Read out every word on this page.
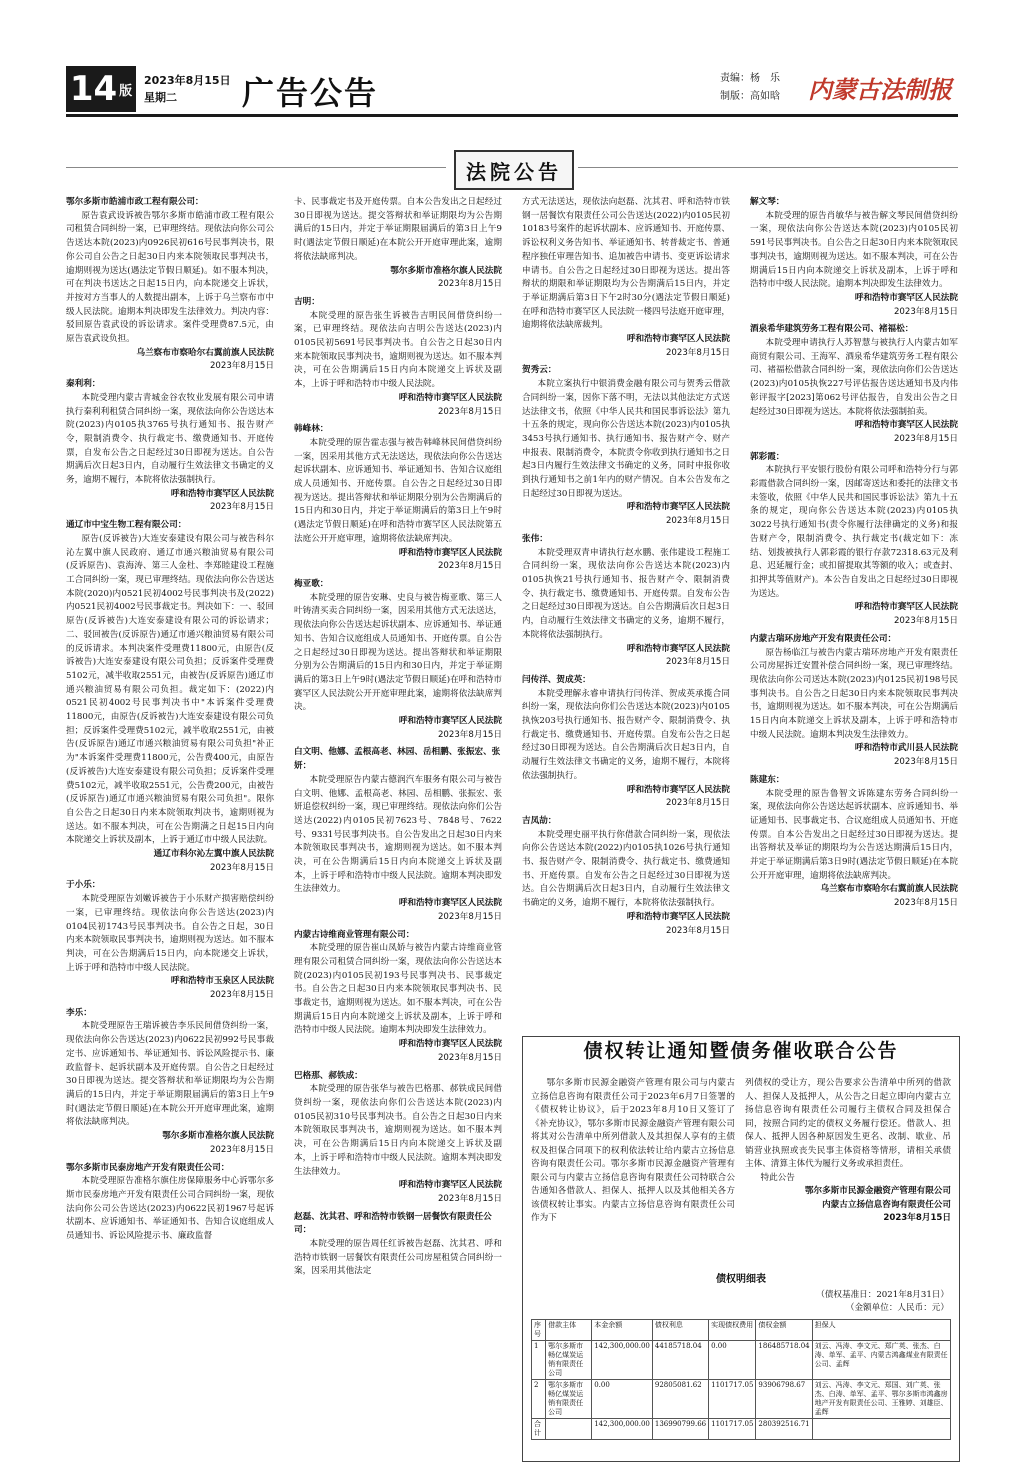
14 版
2023年8月15日
星期二	广告公告	责编：杨　乐
制版：高如晗 内蒙古法制报
法院公告
鄂尔多斯市皓浦市政工程有限公司：
原告袁武设诉被告鄂尔多斯市皓浦市政工程有限公司租赁合同纠纷一案，已审理终结。现依法向你公司公告送达本院(2023)内0926民初616号民事判决书，限你公司自公告之日起30日内来本院领取民事判决书，逾期则视为送达(遇法定节假日顺延)。如不服本判决，可在判决书送达之日起15日内，向本院递交上诉状，并按对方当事人的人数提出副本，上诉于乌兰察布市中级人民法院。逾期本判决即发生法律效力。判决内容：驳回原告袁武设的诉讼请求。案件受理费87.5元，由原告袁武设负担。
乌兰察布市察哈尔右翼前旗人民法院
2023年8月15日
秦利利：
本院受理内蒙古青城金谷农牧业发展有限公司申请执行秦利利租赁合同纠纷一案，现依法向你公告送达本院(2023)内0105执3765号执行通知书、报告财产令，限制消费令、执行裁定书、缴费通知书、开庭传票，自发布公告之日起经过30日即视为送达。自公告期满后次日起3日内，自动履行生效法律文书确定的义务，逾期不履行，本院将依法强制执行。
呼和浩特市赛罕区人民法院
2023年8月15日
通辽市中宝生物工程有限公司：
原告(反诉被告)大连安泰建设有限公司与被告科尔沁左翼中旗人民政府、通辽市通兴粮油贸易有限公司(反诉原告)、袁海涛、第三人金杜、李郑睦建设工程施工合同纠纷一案，现已审理终结。现依法向你公告送达本院(2020)内0521民初4002号民事判决书及(2022)内0521民初4002号民事裁定书。判决如下：一、驳回原告(反诉被告)大连安泰建设有限公司的诉讼请求；二、驳回被告(反诉原告)通辽市通兴粮油贸易有限公司的反诉请求。本判决案件受理费11800元，由原告(反诉被告)大连安泰建设有限公司负担；反诉案件受理费5102元，减半收取2551元，由被告(反诉原告)通辽市通兴粮油贸易有限公司负担。裁定如下：(2022)内0521民初4002号民事判决书中"本诉案件受理费11800元，由原告(反诉被告)大连安泰建设有限公司负担；反诉案件受理费5102元，减半收取2551元，由被告(反诉原告)通辽市通兴粮油贸易有限公司负担"补正为"本诉案件受理费11800元，公告费400元，由原告(反诉被告)大连安泰建设有限公司负担；反诉案件受理费5102元，减半收取2551元，公告费200元，由被告(反诉原告)通辽市通兴粮油贸易有限公司负担"。限你自公告之日起30日内来本院领取判决书，逾期则视为送达。如不服本判决，可在公告期满之日起15日内向本院递交上诉状及副本，上诉于通辽市中级人民法院。
通辽市科尔沁左翼中旗人民法院
2023年8月15日
于小乐：
本院受理原告刘嫩诉被告于小乐财产损害赔偿纠纷一案，已审理终结。现依法向你公告送达(2023)内0104民初1743号民事判决书。自公告之日起，30日内来本院领取民事判决书，逾期则视为送达。如不服本判决，可在公告期满后15日内，向本院递交上诉状，上诉于呼和浩特市中级人民法院。
呼和浩特市玉泉区人民法院
2023年8月15日
李乐：
本院受理原告王瑞诉被告李乐民间借贷纠纷一案，现依法向你公告送达(2023)内0622民初992号民事裁定书、应诉通知书、举证通知书、诉讼风险提示书、廉政监督卡、起诉状副本及开庭传票。自公告之日起经过30日即视为送达。提交答辩状和举证期限均为公告期满后的15日内，并定于举证期限届满后的第3日上午9时(遇法定节假日顺延)在本院公开开庭审理此案，逾期将依法缺席判决。
鄂尔多斯市准格尔旗人民法院
2023年8月15日
鄂尔多斯市民泰房地产开发有限责任公司：
本院受理原告准格尔旗住房保障服务中心诉鄂尔多斯市民泰房地产开发有限责任公司合同纠纷一案，现依法向你公司公告送达(2023)内0622民初1967号起诉状副本、应诉通知书、举证通知书、告知合议庭组成人员通知书、诉讼风险提示书、廉政监督
卡、民事裁定书及开庭传票。自本公告发出之日起经过30日即视为送达。提交答辩状和举证期限均为公告期满后的15日内，并定于举证期限届满后的第3日上午9时(遇法定节假日顺延)在本院公开开庭审理此案，逾期将依法缺席判决。
鄂尔多斯市准格尔旗人民法院
2023年8月15日
吉明：
本院受理的原告张生诉被告吉明民间借贷纠纷一案，已审理终结。现依法向吉明公告送达(2023)内0105民初5691号民事判决书。自公告之日起30日内来本院领取民事判决书，逾期则视为送达。如不服本判决，可在公告期满后15日内向本院递交上诉状及副本，上诉于呼和浩特市中级人民法院。
呼和浩特市赛罕区人民法院
2023年8月15日
韩峰林：
本院受理的原告霍志强与被告韩峰林民间借贷纠纷一案，因采用其他方式无法送达，现依法向你公告送达起诉状副本、应诉通知书、举证通知书、告知合议庭组成人员通知书、开庭传票。自公告之日起经过30日即视为送达。提出答辩状和举证期限分别为公告期满后的15日内和30日内，并定于举证期满后的第3日上午9时(遇法定节假日顺延)在呼和浩特市赛罕区人民法院第五法庭公开开庭审理，逾期将依法缺席判决。
呼和浩特市赛罕区人民法院
2023年8月15日
梅亚歌：
本院受理的原告安琳、史良与被告梅亚歌、第三人叶铸清买卖合同纠纷一案，因采用其他方式无法送达，现依法向你公告送达起诉状副本、应诉通知书、举证通知书、告知合议庭组成人员通知书、开庭传票。自公告之日起经过30日即视为送达。提出答辩状和举证期限分别为公告期满后的15日内和30日内，并定于举证期满后的第3日上午9时(遇法定节假日顺延)在呼和浩特市赛罕区人民法院公开开庭审理此案，逾期将依法缺席判决。
呼和浩特市赛罕区人民法院
2023年8月15日
白文明、他娜、孟根高老、林园、岳相鹏、张振宏、张妍：
本院受理原告内蒙古德润汽车服务有限公司与被告白文明、他娜、孟根高老、林园、岳相鹏、张振宏、张妍追偿权纠纷一案，现已审理终结。现依法向你们公告送达(2022)内0105民初7623号、7848号、7622号、9331号民事判决书。自公告发出之日起30日内来本院领取民事判决书，逾期则视为送达。如不服本判决，可在公告期满后15日内向本院递交上诉状及副本，上诉于呼和浩特市中级人民法院。逾期本判决即发生法律效力。
呼和浩特市赛罕区人民法院
2023年8月15日
内蒙古诗维商业管理有限公司：
本院受理的原告崔山凤娇与被告内蒙古诗维商业管理有限公司租赁合同纠纷一案，现依法向你公告送达本院(2023)内0105民初193号民事判决书、民事裁定书。自公告之日起30日内来本院领取民事判决书、民事裁定书，逾期则视为送达。如不服本判决，可在公告期满后15日内向本院递交上诉状及副本，上诉于呼和浩特市中级人民法院。逾期本判决即发生法律效力。
呼和浩特市赛罕区人民法院
2023年8月15日
巴格那、郝铁成：
本院受理的原告张华与被告巴格那、郝铁成民间借贷纠纷一案，现依法向你们公告送达本院(2023)内0105民初310号民事判决书。自公告之日起30日内来本院领取民事判决书，逾期则视为送达。如不服本判决，可在公告期满后15日内向本院递交上诉状及副本，上诉于呼和浩特市中级人民法院。逾期本判决即发生法律效力。
呼和浩特市赛罕区人民法院
2023年8月15日
赵磊、沈其君、呼和浩特市铁钢一居餐饮有限责任公司：
本院受理的原告周任红诉被告赵磊、沈其君、呼和浩特市铁钢一居餐饮有限责任公司房屋租赁合同纠纷一案，因采用其他法定
方式无法送达，现依法向赵磊、沈其君、呼和浩特市铁钢一居餐饮有限责任公司公告送达(2022)内0105民初10183号案件的起诉状副本、应诉通知书、开庭传票、诉讼权利义务告知书、举证通知书、转普裁定书、普通程序独任审理告知书、追加被告申请书、变更诉讼请求申请书。自公告之日起经过30日即视为送达。提出答辩状的期限和举证期限均为公告期满后15日内，并定于举证期满后第3日下午2时30分(遇法定节假日顺延)在呼和浩特市赛罕区人民法院一楼四号法庭开庭审理，逾期将依法缺席裁判。
呼和浩特市赛罕区人民法院
2023年8月15日
贺秀云：
本院立案执行中银消费金融有限公司与贺秀云借款合同纠纷一案，因你下落不明，无法以其他法定方式送达法律文书，依照《中华人民共和国民事诉讼法》第九十五条的规定，现向你公告送达本院(2023)内0105执3453号执行通知书、执行通知书、报告财产令、财产申报表、限制消费令，本院责令你收到执行通知书之日起3日内履行生效法律文书确定的义务，同时申报你收到执行通知书之前1年内的财产情况。自本公告发布之日起经过30日即视为送达。
呼和浩特市赛罕区人民法院
2023年8月15日
张伟：
本院受理双青申请执行赵水鹏、张伟建设工程施工合同纠纷一案，现依法向你公告送达本院(2023)内0105执恢21号执行通知书、报告财产令、限制消费令、执行裁定书、缴费通知书、开庭传票。自发布公告之日起经过30日即视为送达。自公告期满后次日起3日内，自动履行生效法律文书确定的义务，逾期不履行，本院将依法强制执行。
呼和浩特市赛罕区人民法院
2023年8月15日
闫传洋、贺成英：
本院受理解永睿申请执行闫传洋、贺成英承揽合同纠纷一案，现依法向你们公告送达本院(2023)内0105执恢203号执行通知书、报告财产令、限制消费令、执行裁定书、缴费通知书、开庭传票。自发布公告之日起经过30日即视为送达。自公告期满后次日起3日内，自动履行生效法律文书确定的义务，逾期不履行，本院将依法强制执行。
呼和浩特市赛罕区人民法院
2023年8月15日
吉凤劼：
本院受理史丽平执行你借款合同纠纷一案，现依法向你公告送达本院(2022)内0105执1026号执行通知书、报告财产令、限制消费令、执行裁定书、缴费通知书、开庭传票。自发布公告之日起经过30日即视为送达。自公告期满后次日起3日内，自动履行生效法律文书确定的义务，逾期不履行，本院将依法强制执行。
呼和浩特市赛罕区人民法院
2023年8月15日
解文琴：
本院受理的原告肖敏华与被告解文琴民间借贷纠纷一案，现依法向你公告送达本院(2023)内0105民初591号民事判决书。自公告之日起30日内来本院领取民事判决书，逾期则视为送达。如不服本判决，可在公告期满后15日内向本院递交上诉状及副本，上诉于呼和浩特市中级人民法院。逾期本判决即发生法律效力。
呼和浩特市赛罕区人民法院
2023年8月15日
酒泉希华建筑劳务工程有限公司、褚福松：
本院受理申请执行人苏智慧与被执行人内蒙古如军商贸有限公司、王海军、酒泉希华建筑劳务工程有限公司、褚福松借款合同纠纷一案，现依法向你们公告送达(2023)内0105执恢227号评估报告送达通知书及内伟彰评报字[2023]第062号评估报告，自发出公告之日起经过30日即视为送达。本院将依法强制拍卖。
呼和浩特市赛罕区人民法院
2023年8月15日
郭彩霞：
本院执行平安银行股份有限公司呼和浩特分行与郭彩霞借款合同纠纷一案，因邮寄送达和委托的法律文书未签收，依照《中华人民共和国民事诉讼法》第九十五条的规定，现向你公告送达本院(2023)内0105执3022号执行通知书(责令你履行法律确定的义务)和报告财产令，限制消费令、执行裁定书(裁定如下：冻结、划拨被执行人郭彩霞的银行存款72318.63元及利息、迟延履行金；或扣留提取其等额的收入；或查封、扣押其等值财产)。本公告自发出之日起经过30日即视为送达。
呼和浩特市赛罕区人民法院
2023年8月15日
内蒙古瑞环房地产开发有限责任公司：
原告杨临江与被告内蒙古瑞环房地产开发有限责任公司房屋拆迁安置补偿合同纠纷一案，现已审理终结。现依法向你公司送达本院(2023)内0125民初198号民事判决书。自公告之日起30日内来本院领取民事判决书，逾期则视为送达。如不服本判决，可在公告期满后15日内向本院递交上诉状及副本，上诉于呼和浩特市中级人民法院。逾期本判决发生法律效力。
呼和浩特市武川县人民法院
2023年8月15日
陈建东：
本院受理的原告鲁智文诉陈建东劳务合同纠纷一案，现依法向你公告送达起诉状副本、应诉通知书、举证通知书、民事裁定书、合议庭组成人员通知书、开庭传票。自本公告发出之日起经过30日即视为送达。提出答辩状及举证的期限均为公告送达期满后15日内，并定于举证期满后第3日9时(遇法定节假日顺延)在本院公开开庭审理，逾期将依法缺席判决。
乌兰察布市察哈尔右翼前旗人民法院
2023年8月15日
债权转让通知暨债务催收联合公告
鄂尔多斯市民源金融资产管理有限公司与内蒙古立扬信息咨询有限责任公司于2023年6月7日签署的《债权转让协议》，后于2023年8月10日又签订了《补充协议》，鄂尔多斯市民源金融资产管理有限公司将其对公告清单中所列借款人及其担保人享有的主债权及担保合同项下的权利依法转让给内蒙古立扬信息咨询有限责任公司。鄂尔多斯市民源金融资产管理有限公司与内蒙古立扬信息咨询有限责任公司特联合公告通知各借款人、担保人、抵押人以及其他相关各方该债权转让事实。内蒙古立扬信息咨询有限责任公司作为下
列债权的受让方，现公告要求公告清单中所列的借款人、担保人及抵押人，从公告之日起立即向内蒙古立扬信息咨询有限责任公司履行主债权合同及担保合同，按照合同约定的债权义务履行偿还。借款人、担保人、抵押人因各种原因发生更名、改制、歇业、吊销营业执照或丧失民事主体资格等情形，请相关承债主体、清算主体代为履行义务或承担责任。
特此公告
鄂尔多斯市民源金融资产管理有限公司
内蒙古立扬信息咨询有限责任公司
2023年8月15日
债权明细表
（债权基准日：2021年8月31日）
（金额单位：人民币：元）
序号	借款主体	本金余额	债权利息	实现债权费用	债权金额	担保人
1	鄂尔多斯市畅亿煤炭运销有限责任公司	142,300,000.00	44185718.04	0.00	186485718.04	刘云、冯涛、李文元、郑广英、张杰、白涛、单军、孟平、内蒙古鸿鑫煤业有限责任公司、孟辉
2	鄂尔多斯市畅亿煤炭运销有限责任公司	0.00	92805081.62	1101717.05	93906798.67	刘云、冯涛、李文元、郑国、刘广英、张杰、白涛、单军、孟平、鄂尔多斯市鸿鑫房地产开发有限责任公司、王雅婷、刘雄臣、孟辉
合计		142,300,000.00	136990799.66	1101717.05	280392516.71	
